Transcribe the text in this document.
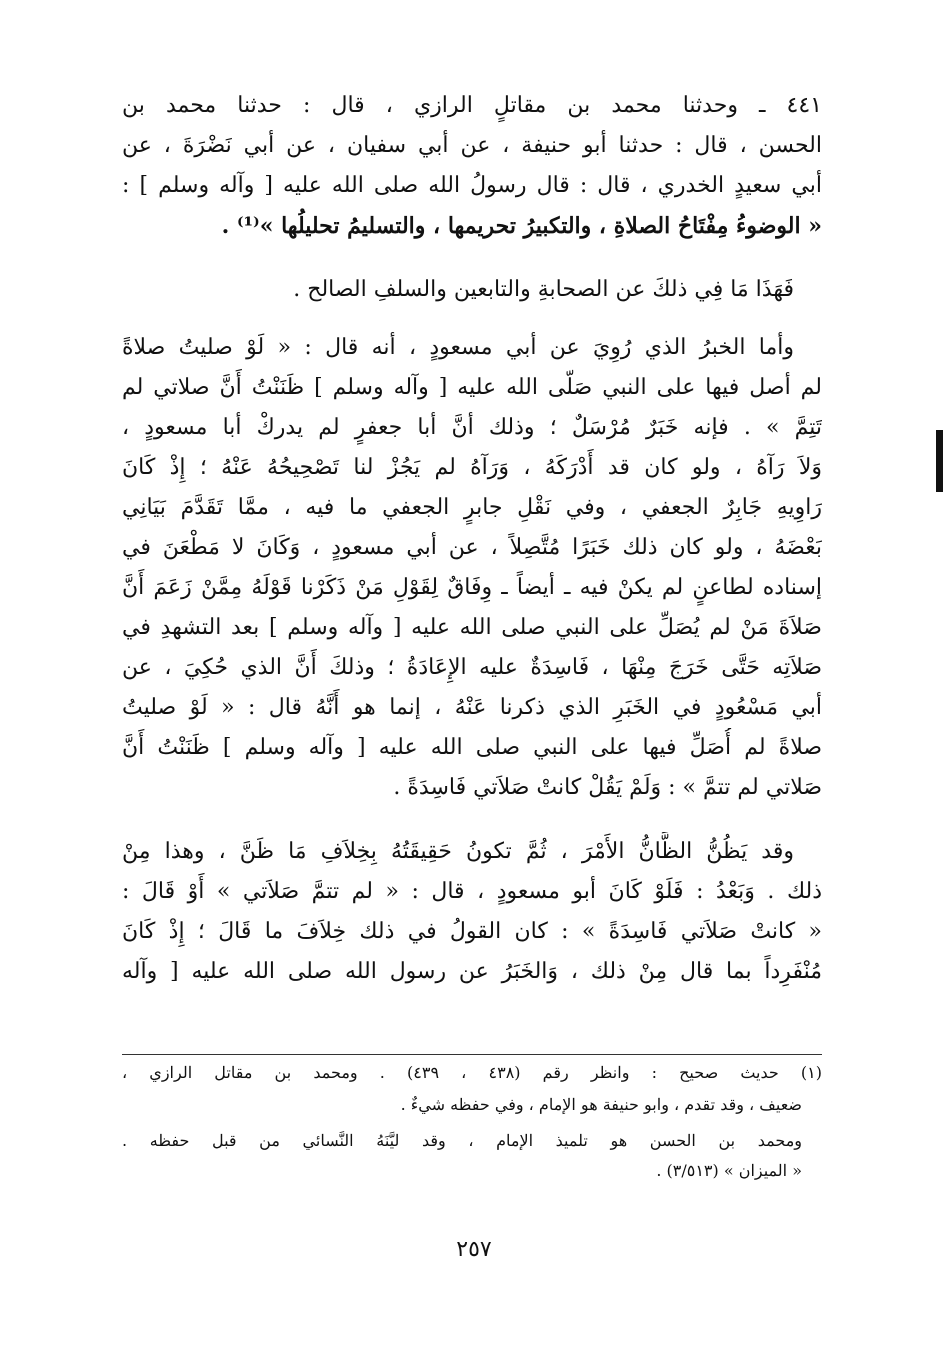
٤٤١ ـ وحدثنا محمد بن مقاتلٍ الرازي ، قال : حدثنا محمد بن
الحسن ، قال : حدثنا أبو حنيفة ، عن أبي سفيان ، عن أبي نَضْرَةَ ، عن
أبي سعيدٍ الخدري ، قال : قال رسولُ الله صلى الله عليه [ وآله وسلم ] :
« الوضوءُ مِفْتَاحُ الصلاةِ ، والتكبيرُ تحريمها ، والتسليمُ تحليلُها »⁽¹⁾ .
فَهَذَا مَا فِي ذلكَ عن الصحابةِ والتابعين والسلفِ الصالح .
وأما الخبرُ الذي رُوِيَ عن أبي مسعودٍ ، أنه قال : « لَوْ صليتُ صلاةً
لم أصل فيها على النبي صَلّى الله عليه [ وآله وسلم ] ظَنَنْتُ أَنَّ صلاتي لم
تَتِمَّ » . فإنه خَبَرٌ مُرْسَلٌ ؛ وذلك أنَّ أبا جعفرٍ لم يدركْ أبا مسعودٍ ،
وَلاَ رَآهُ ، ولو كان قد أَدْرَكَهُ ، وَرَآهُ لم يَجُزْ لنا تَصْحِيحُهُ عَنْهُ ؛ إِذْ كَانَ
رَاوِيهِ جَابِرٌ الجعفي ، وفي نَقْلِ جابرٍ الجعفي ما فيه ، ممَّا تَقَدَّمَ بَيَانِي
بَعْضَهُ ، ولو كان ذلك خَبَرًا مُتَّصِلاً ، عن أبي مسعودٍ ، وَكَانَ لا مَطْعَنَ في
إسناده لطاعنٍ لم يكنْ فيه ـ أيضاً ـ وِفَاقٌ لِقَوْلِ مَنْ ذَكَرْنا قَوْلَهُ مِمَّنْ زَعَمَ أَنَّ
صَلاَةَ مَنْ لم يُصَلِّ على النبي صلى الله عليه [ وآله وسلم ] بعد التشهدِ في
صَلاَتِه حَتَّى خَرَجَ مِنْهَا ، فَاسِدَةٌ عليه الإِعَادَةُ ؛ وذلكَ أَنَّ الذي حُكِيَ ، عن
أبي مَسْعُودٍ في الخَبَرِ الذي ذكرنا عَنْهُ ، إنما هو أَنَّهُ قال : « لَوْ صليتُ
صلاةً لم أُصَلِّ فيها على النبي صلى الله عليه [ وآله وسلم ] ظَنَنْتُ أَنَّ
صَلاتي لم تتمَّ » : وَلَمْ يَقُلْ كانتْ صَلاَتي فَاسِدَةً .
وقد يَظُنُّ الظَّانُّ الأَمْرَ ، ثُمَّ تكونُ حَقِيقَتُهُ بِخِلاَفِ مَا ظَنَّ ، وهذا مِنْ
ذلك . وَبَعْدُ : فَلَوْ كَانَ أبو مسعودٍ ، قال : « لم تتمَّ صَلاَتي » أَوْ قَالَ :
« كانتْ صَلاَتي فَاسِدَةً » : كان القولُ في ذلك خِلاَفَ ما قَالَ ؛ إِذْ كَانَ
مُنْفَرِداً بما قال مِنْ ذلك ، وَالخَبَرُ عن رسول الله صلى الله عليه [ وآله
(١) حديث صحيح : وانظر رقم (٤٣٨ ، ٤٣٩) . ومحمد بن مقاتل الرازي ،
ضعيف ، وقد تقدم ، وابو حنيفة هو الإمام ، وفي حفظه شيءٌ .
ومحمد بن الحسن هو تلميذ الإمام ، وقد ليَّنَهُ النَّسائي من قبل حفظه .
« الميزان » (٣/٥١٣) .
٢٥٧
